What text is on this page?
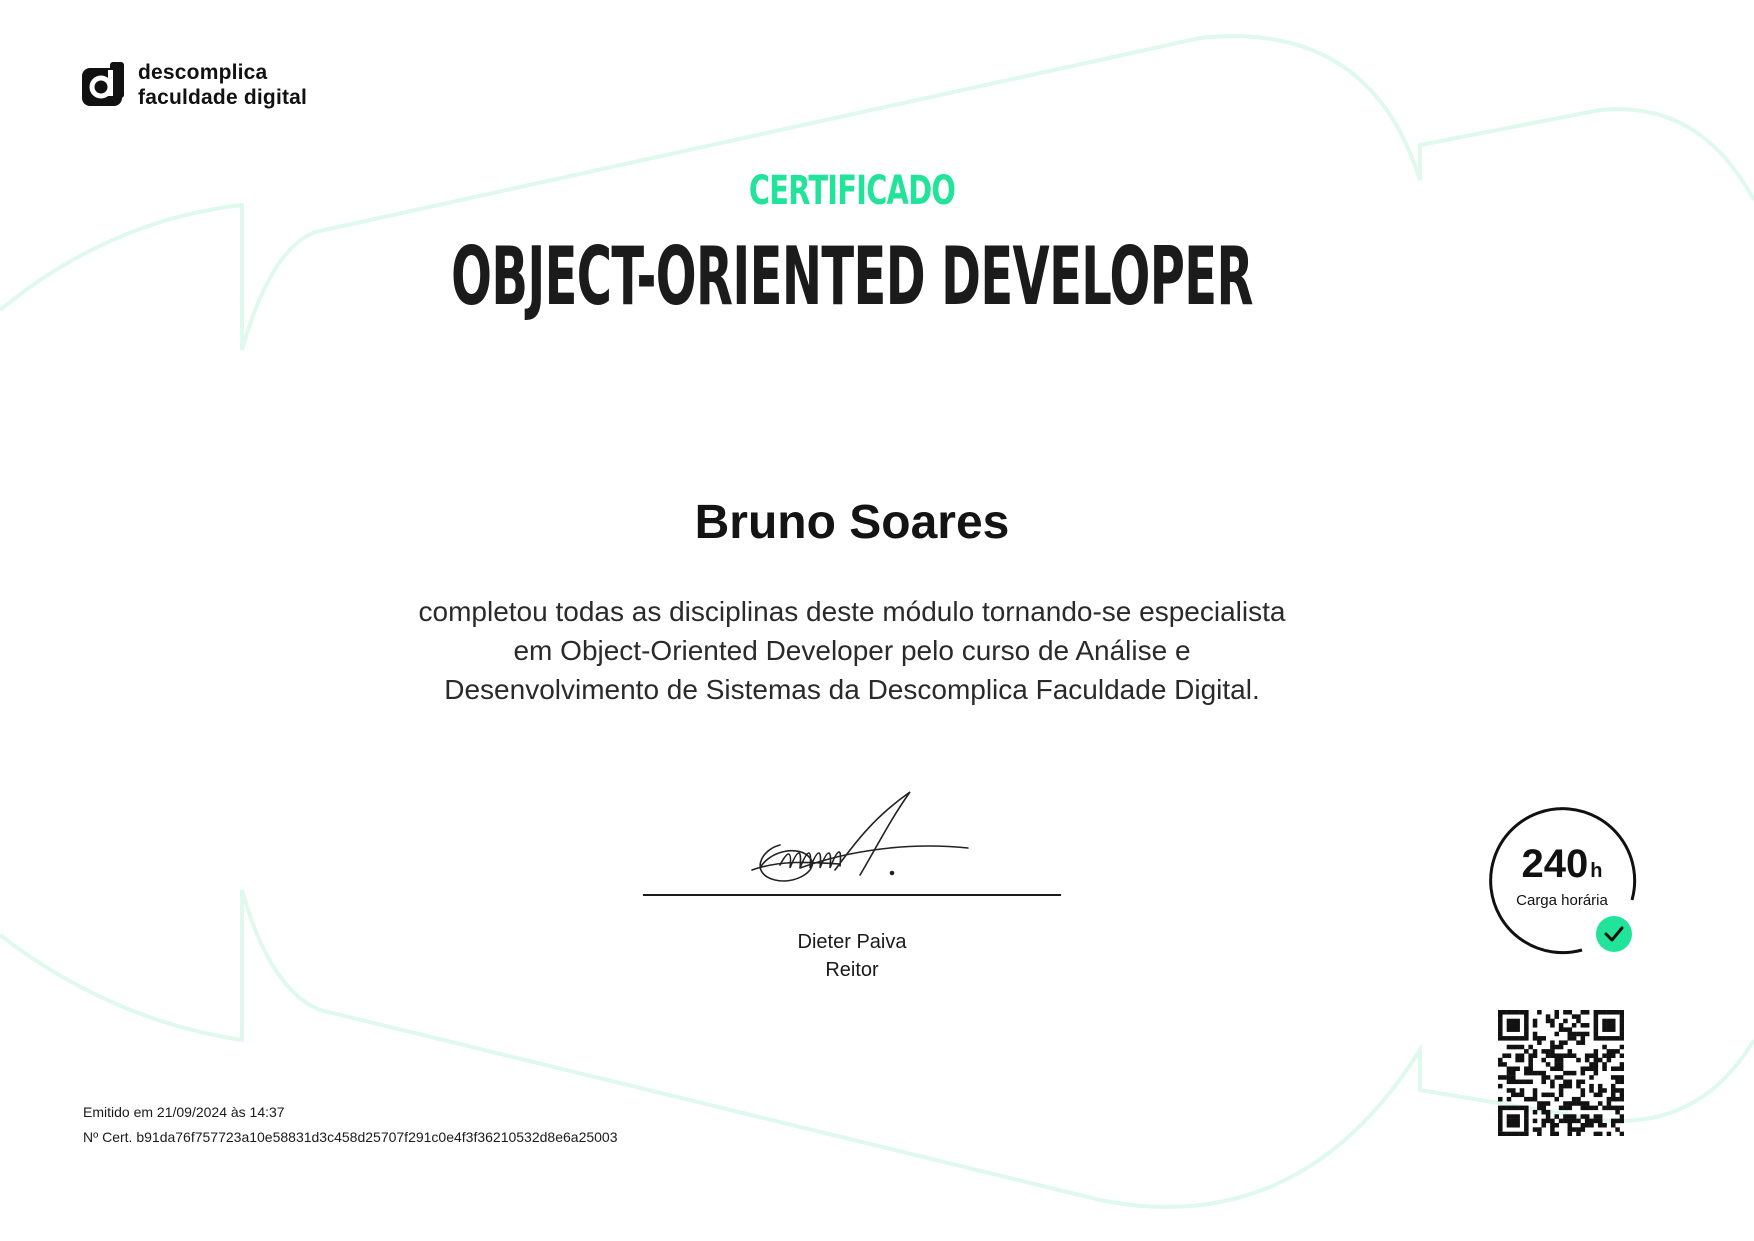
descomplica
faculdade digital
CERTIFICADO
OBJECT-ORIENTED DEVELOPER
Bruno Soares
completou todas as disciplinas deste módulo tornando-se especialista
em Object-Oriented Developer pelo curso de Análise e
Desenvolvimento de Sistemas da Descomplica Faculdade Digital.
Dieter Paiva
Reitor
240 h
Carga horária
Emitido em 21/09/2024 às 14:37
Nº Cert. b91da76f757723a10e58831d3c458d25707f291c0e4f3f36210532d8e6a25003
